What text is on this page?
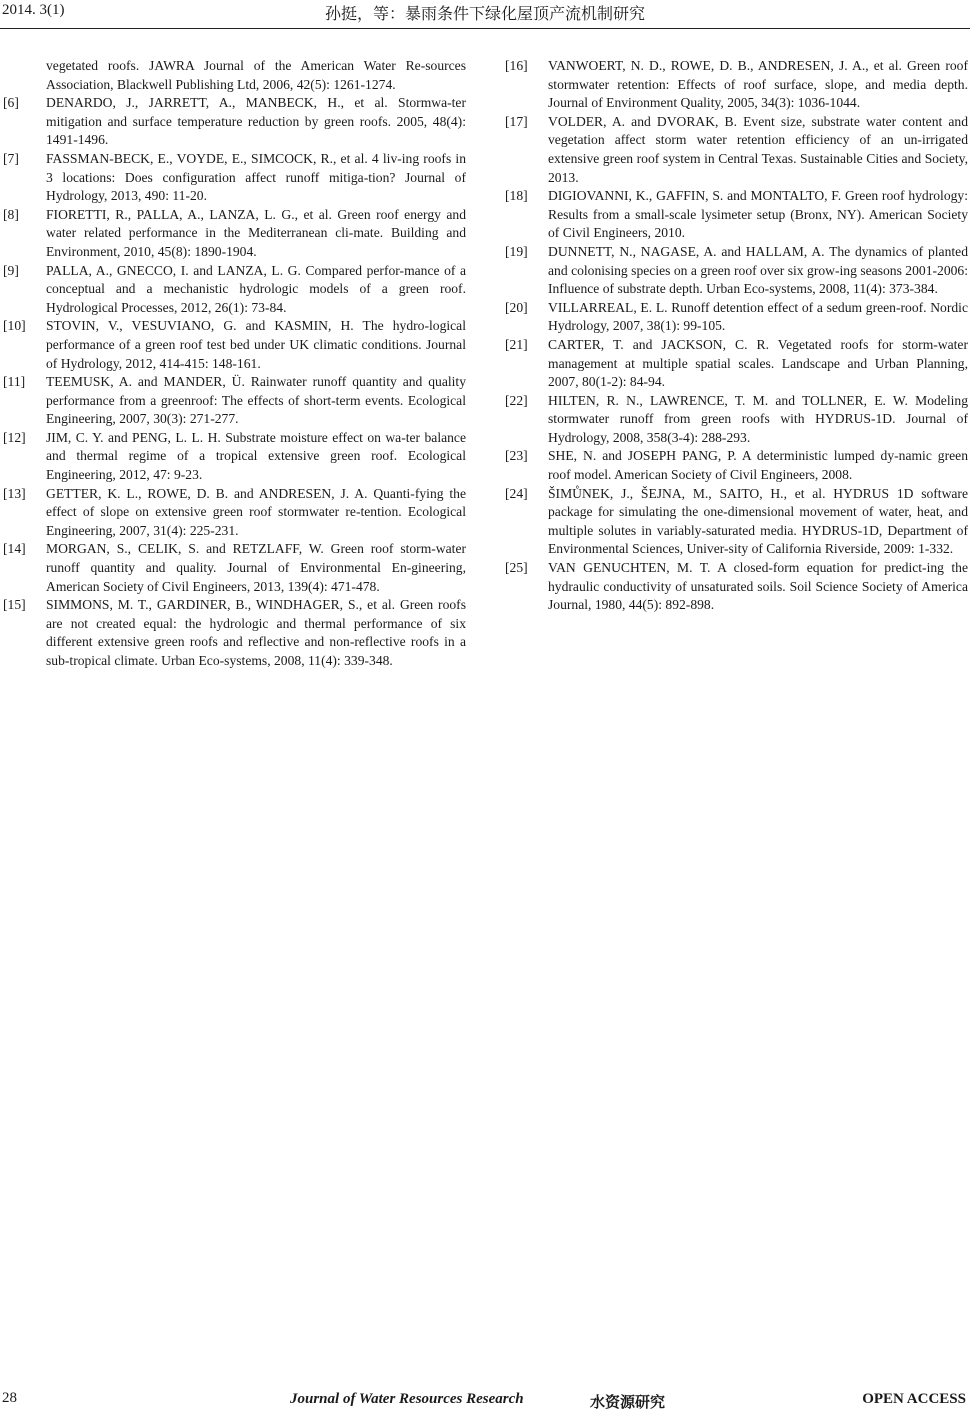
2014. 3(1)	孙挺，等：暴雨条件下绿化屋顶产流机制研究

vegetated roofs. JAWRA Journal of the American Water Re-sources Association, Blackwell Publishing Ltd, 2006, 42(5): 1261-1274.

[6] DENARDO, J., JARRETT, A., MANBECK, H., et al. Stormwa-ter mitigation and surface temperature reduction by green roofs. 2005, 48(4): 1491-1496.

[7] FASSMAN-BECK, E., VOYDE, E., SIMCOCK, R., et al. 4 liv-ing roofs in 3 locations: Does configuration affect runoff mitiga-tion? Journal of Hydrology, 2013, 490: 11-20.

[8] FIORETTI, R., PALLA, A., LANZA, L. G., et al. Green roof energy and water related performance in the Mediterranean cli-mate. Building and Environment, 2010, 45(8): 1890-1904.

[9] PALLA, A., GNECCO, I. and LANZA, L. G. Compared perfor-mance of a conceptual and a mechanistic hydrologic models of a green roof. Hydrological Processes, 2012, 26(1): 73-84.

[10] STOVIN, V., VESUVIANO, G. and KASMIN, H. The hydro-logical performance of a green roof test bed under UK climatic conditions. Journal of Hydrology, 2012, 414-415: 148-161.

[11] TEEMUSK, A. and MANDER, Ü. Rainwater runoff quantity and quality performance from a greenroof: The effects of short-term events. Ecological Engineering, 2007, 30(3): 271-277.

[12] JIM, C. Y. and PENG, L. L. H. Substrate moisture effect on wa-ter balance and thermal regime of a tropical extensive green roof. Ecological Engineering, 2012, 47: 9-23.

[13] GETTER, K. L., ROWE, D. B. and ANDRESEN, J. A. Quanti-fying the effect of slope on extensive green roof stormwater re-tention. Ecological Engineering, 2007, 31(4): 225-231.

[14] MORGAN, S., CELIK, S. and RETZLAFF, W. Green roof storm-water runoff quantity and quality. Journal of Environmental En-gineering, American Society of Civil Engineers, 2013, 139(4): 471-478.

[15] SIMMONS, M. T., GARDINER, B., WINDHAGER, S., et al. Green roofs are not created equal: the hydrologic and thermal performance of six different extensive green roofs and reflective and non-reflective roofs in a sub-tropical climate. Urban Eco-systems, 2008, 11(4): 339-348.

[16] VANWOERT, N. D., ROWE, D. B., ANDRESEN, J. A., et al. Green roof stormwater retention: Effects of roof surface, slope, and media depth. Journal of Environment Quality, 2005, 34(3): 1036-1044.

[17] VOLDER, A. and DVORAK, B. Event size, substrate water content and vegetation affect storm water retention efficiency of an un-irrigated extensive green roof system in Central Texas. Sustainable Cities and Society, 2013.

[18] DIGIOVANNI, K., GAFFIN, S. and MONTALTO, F. Green roof hydrology: Results from a small-scale lysimeter setup (Bronx, NY). American Society of Civil Engineers, 2010.

[19] DUNNETT, N., NAGASE, A. and HALLAM, A. The dynamics of planted and colonising species on a green roof over six grow-ing seasons 2001-2006: Influence of substrate depth. Urban Eco-systems, 2008, 11(4): 373-384.

[20] VILLARREAL, E. L. Runoff detention effect of a sedum green-roof. Nordic Hydrology, 2007, 38(1): 99-105.

[21] CARTER, T. and JACKSON, C. R. Vegetated roofs for storm-water management at multiple spatial scales. Landscape and Urban Planning, 2007, 80(1-2): 84-94.

[22] HILTEN, R. N., LAWRENCE, T. M. and TOLLNER, E. W. Modeling stormwater runoff from green roofs with HYDRUS-1D. Journal of Hydrology, 2008, 358(3-4): 288-293.

[23] SHE, N. and JOSEPH PANG, P. A deterministic lumped dy-namic green roof model. American Society of Civil Engineers, 2008.

[24] ŠIMŮNEK, J., ŠEJNA, M., SAITO, H., et al. HYDRUS 1D software package for simulating the one-dimensional movement of water, heat, and multiple solutes in variably-saturated media. HYDRUS-1D, Department of Environmental Sciences, Univer-sity of California Riverside, 2009: 1-332.

[25] VAN GENUCHTEN, M. T. A closed-form equation for predict-ing the hydraulic conductivity of unsaturated soils. Soil Science Society of America Journal, 1980, 44(5): 892-898.

28	Journal of Water Resources Research	水资源研究	OPEN ACCESS
